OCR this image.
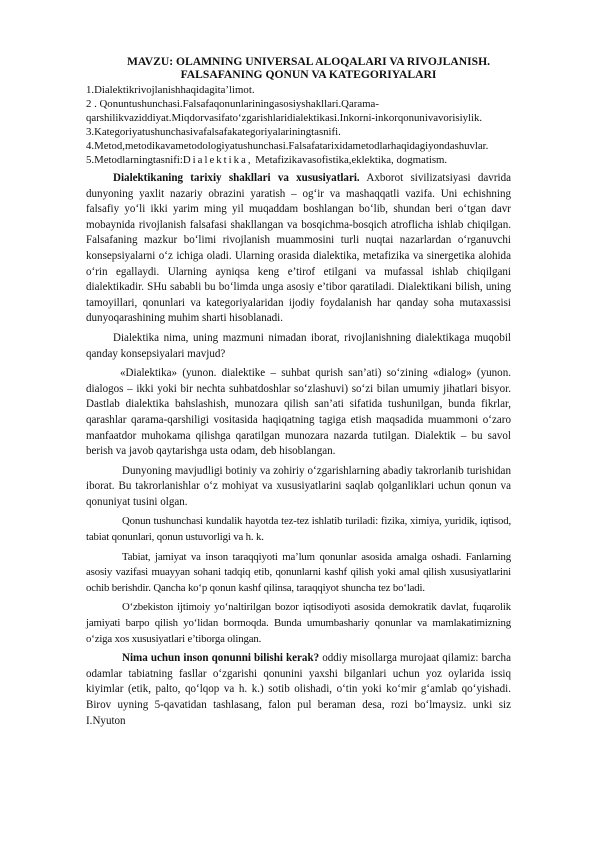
MAVZU: OLAMNING UNIVERSAL ALOQALARI VA RIVOJLANISH.
FALSAFANING QONUN VA KATEGORIYALARI
1.Dialektikrivojlanishhaqidagita’limot.
2 . Qonuntushunchasi.Falsafaqonunlariningasosiyshakllari.Qarama-
qarshilikvaziddiyat.Miqdorvasifato‘zgarishlaridialektikasi.Inkorni-inkorqonunivavorisiylik.
3.Kategoriyatushunchasivafalsafakategoriyalariningtasnifi.
4.Metod,metodikavametodologiyatushunchasi.Falsafatarixidametodlarhaqidagiyondashuvlar.
5.Metodlarningtasnifi:Dialektika, Metafizikavasofistika,eklektika, dogmatism.

Dialektikaning tarixiy shakllari va xususiyatlari. Axborot sivilizatsiyasi davrida dunyoning yaxlit nazariy obrazini yaratish – og‘ir va mashaqqatli vazifa. Uni echishning falsafiy yo‘li ikki yarim ming yil muqaddam boshlangan bo‘lib, shundan beri o‘tgan davr mobaynida rivojlanish falsafasi shakllangan va bosqichma-bosqich atroflicha ishlab chiqilgan. Falsafaning mazkur bo‘limi rivojlanish muammosini turli nuqtai nazarlardan o‘rganuvchi konsepsiyalarni o‘z ichiga oladi. Ularning orasida dialektika, metafizika va sinergetika alohida o‘rin egallaydi. Ularning ayniqsa keng e’tirof etilgani va mufassal ishlab chiqilgani dialektikadir. SHu sababli bu bo‘limda unga asosiy e’tibor qaratiladi. Dialektikani bilish, uning tamoyillari, qonunlari va kategoriyalaridan ijodiy foydalanish har qanday soha mutaxassisi dunyoqarashining muhim sharti hisoblanadi.

Dialektika nima, uning mazmuni nimadan iborat, rivojlanishning dialektikaga muqobil qanday konsepsiyalari mavjud?

«Dialektika» (yunon. dialektike – suhbat qurish san’ati) so‘zining «dialog» (yunon. dialogos – ikki yoki bir nechta suhbatdoshlar so‘zlashuvi) so‘zi bilan umumiy jihatlari bisyor. Dastlab dialektika bahslashish, munozara qilish san’ati sifatida tushunilgan, bunda fikrlar, qarashlar qarama-qarshiligi vositasida haqiqatning tagiga etish maqsadida muammoni o‘zaro manfaatdor muhokama qilishga qaratilgan munozara nazarda tutilgan. Dialektik – bu savol berish va javob qaytarishga usta odam, deb hisoblangan.

Dunyoning mavjudligi botiniy va zohiriy o‘zgarishlarning abadiy takrorlanib turishidan iborat. Bu takrorlanishlar o‘z mohiyat va xususiyatlarini saqlab qolganliklari uchun qonun va qonuniyat tusini olgan.

Qonun tushunchasi kundalik hayotda tez-tez ishlatib turiladi: fizika, ximiya, yuridik, iqtisod, tabiat qonunlari, qonun ustuvorligi va h. k.

Tabiat, jamiyat va inson taraqqiyoti ma’lum qonunlar asosida amalga oshadi. Fanlarning asosiy vazifasi muayyan sohani tadqiq etib, qonunlarni kashf qilish yoki amal qilish xususiyatlarini ochib berishdir. Qancha ko‘p qonun kashf qilinsa, taraqqiyot shuncha tez bo‘ladi.

O‘zbekiston ijtimoiy yo‘naltirilgan bozor iqtisodiyoti asosida demokratik davlat, fuqarolik jamiyati barpo qilish yo‘lidan bormoqda. Bunda umumbashariy qonunlar va mamlakatimizning o‘ziga xos xususiyatlari e’tiborga olingan.

Nima uchun inson qonunni bilishi kerak? oddiy misollarga murojaat qilamiz: barcha odamlar tabiatning fasllar o‘zgarishi qonunini yaxshi bilganlari uchun yoz oylarida issiq kiyimlar (etik, palto, qo‘lqop va h. k.) sotib olishadi, o‘tin yoki ko‘mir g‘amlab qo‘yishadi. Birov uyning 5-qavatidan tashlasang, falon pul beraman desa, rozi bo‘lmaysiz. unki siz I.Nyuton
